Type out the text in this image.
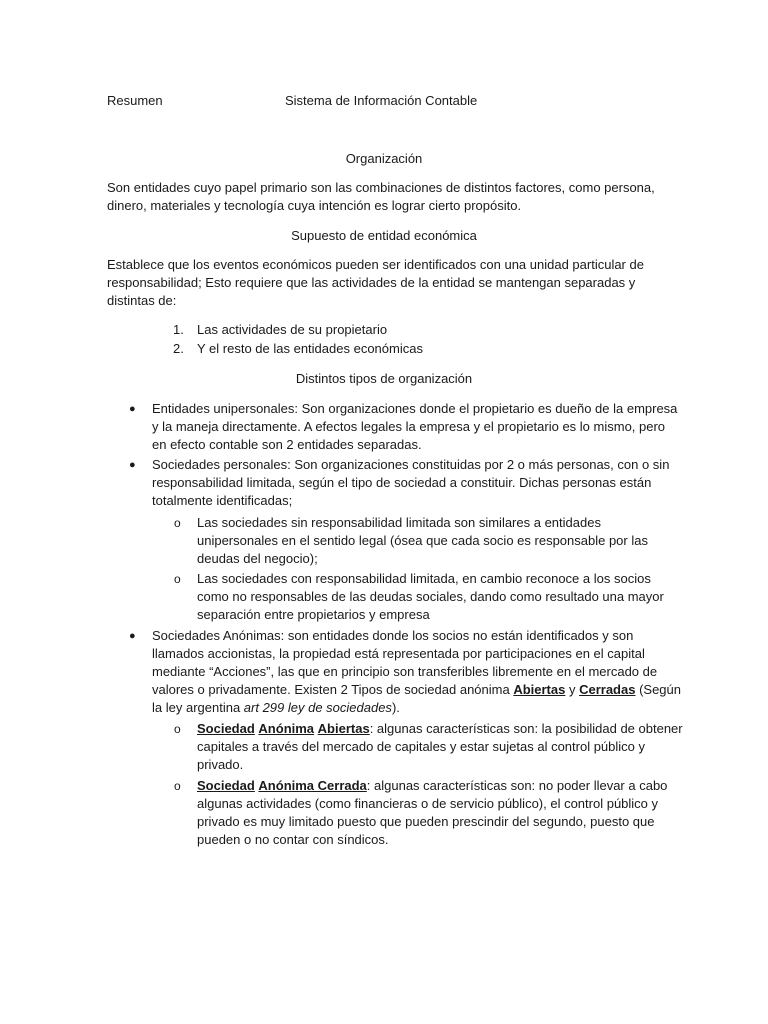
Resumen	Sistema de Información Contable
Organización
Son entidades cuyo papel primario son las combinaciones de distintos factores, como persona,
dinero, materiales y tecnología cuya intención es lograr cierto propósito.
Supuesto de entidad económica
Establece que los eventos económicos pueden ser identificados con una unidad particular de
responsabilidad; Esto requiere que las actividades de la entidad se mantengan separadas y
distintas de:
1. Las actividades de su propietario
2. Y el resto de las entidades económicas
Distintos tipos de organización
● Entidades unipersonales: Son organizaciones donde el propietario es dueño de la empresa
y la maneja directamente. A efectos legales la empresa y el propietario es lo mismo, pero
en efecto contable son 2 entidades separadas.
● Sociedades personales: Son organizaciones constituidas por 2 o más personas, con o sin
responsabilidad limitada, según el tipo de sociedad a constituir. Dichas personas están
totalmente identificadas;
o Las sociedades sin responsabilidad limitada son similares a entidades
unipersonales en el sentido legal (ósea que cada socio es responsable por las
deudas del negocio);
o Las sociedades con responsabilidad limitada, en cambio reconoce a los socios
como no responsables de las deudas sociales, dando como resultado una mayor
separación entre propietarios y empresa
● Sociedades Anónimas: son entidades donde los socios no están identificados y son
llamados accionistas, la propiedad está representada por participaciones en el capital
mediante “Acciones”, las que en principio son transferibles libremente en el mercado de
valores o privadamente. Existen 2 Tipos de sociedad anónima Abiertas y Cerradas (Según
la ley argentina art 299 ley de sociedades).
o Sociedad Anónima Abiertas: algunas características son: la posibilidad de obtener
capitales a través del mercado de capitales y estar sujetas al control público y
privado.
o Sociedad Anónima Cerrada: algunas características son: no poder llevar a cabo
algunas actividades (como financieras o de servicio público), el control público y
privado es muy limitado puesto que pueden prescindir del segundo, puesto que
pueden o no contar con síndicos.
